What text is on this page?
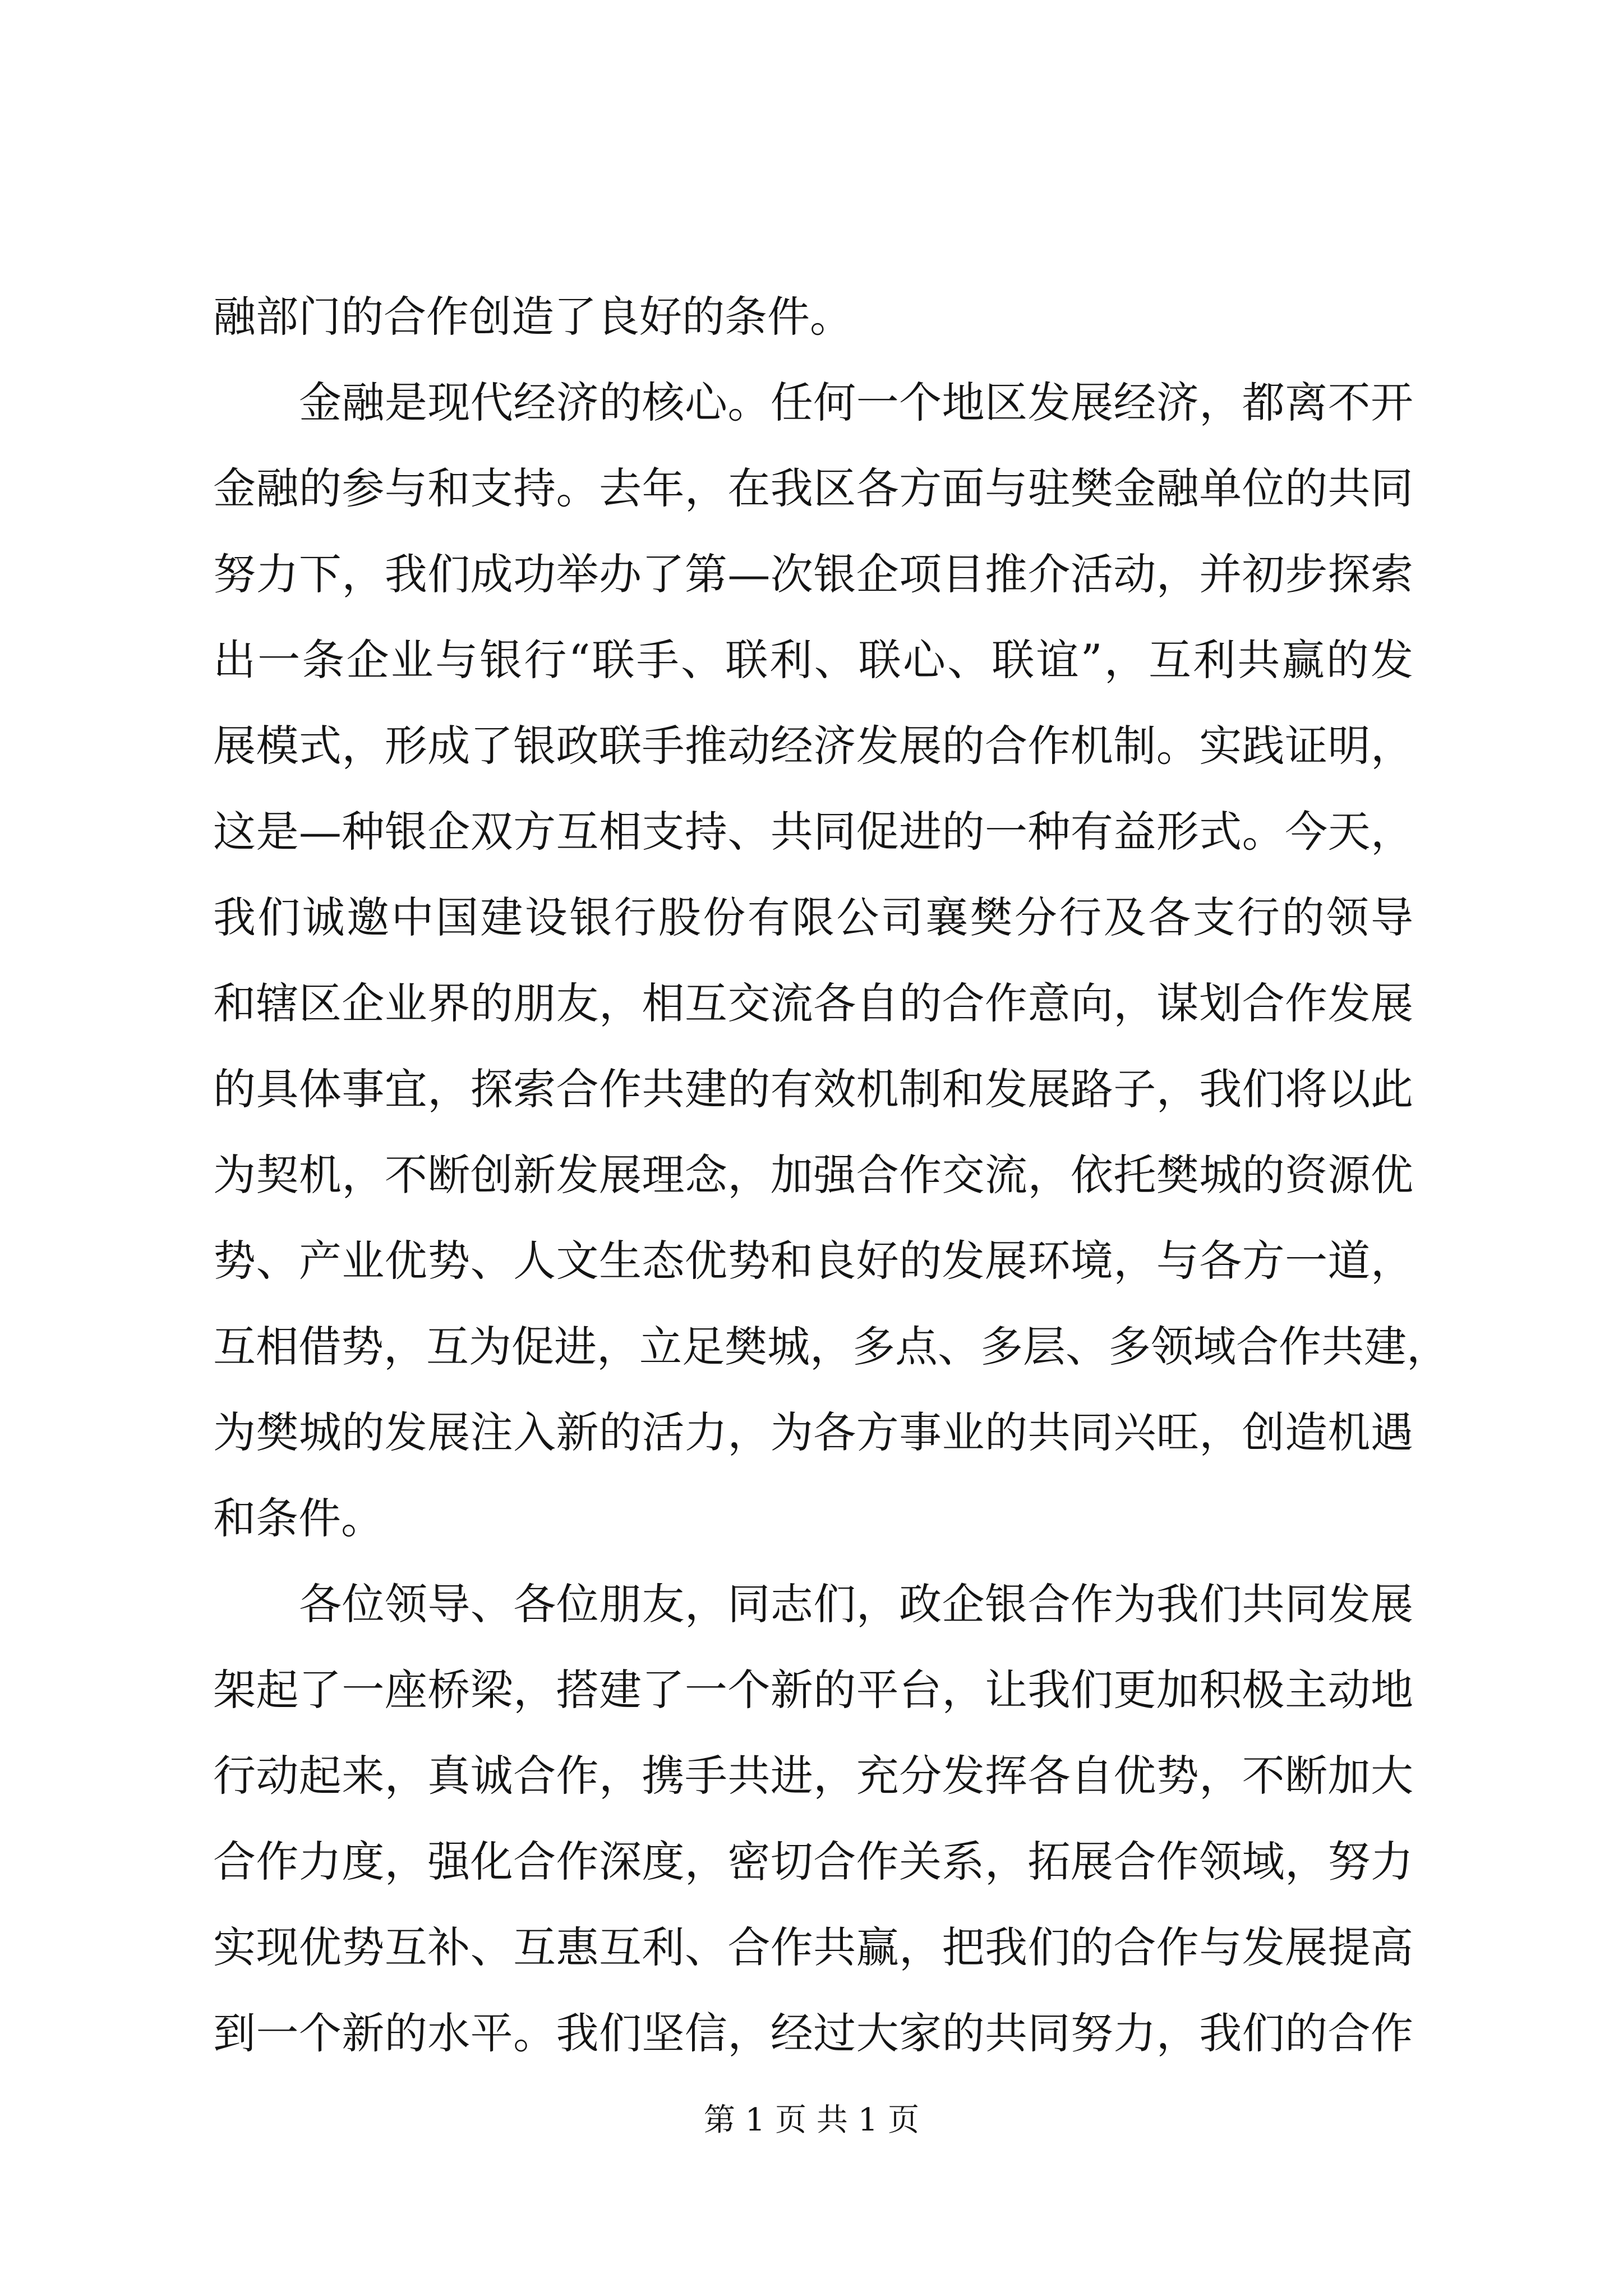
融部门的合作创造了良好的条件。
金融是现代经济的核心。任何一个地区发展经济，都离不开
金融的参与和支持。去年，在我区各方面与驻樊金融单位的共同
努力下，我们成功举办了第—次银企项目推介活动，并初步探索
出一条企业与银行“联手、联利、联心、联谊”，互利共赢的发
展模式，形成了银政联手推动经济发展的合作机制。实践证明，
这是—种银企双方互相支持、共同促进的一种有益形式。今天，
我们诚邀中国建设银行股份有限公司襄樊分行及各支行的领导
和辖区企业界的朋友，相互交流各自的合作意向，谋划合作发展
的具体事宜，探索合作共建的有效机制和发展路子，我们将以此
为契机，不断创新发展理念，加强合作交流，依托樊城的资源优
势、产业优势、人文生态优势和良好的发展环境，与各方一道，
互相借势，互为促进，立足樊城，多点、多层、多领域合作共建，
为樊城的发展注入新的活力，为各方事业的共同兴旺，创造机遇
和条件。
各位领导、各位朋友，同志们，政企银合作为我们共同发展
架起了一座桥梁，搭建了一个新的平台，让我们更加积极主动地
行动起来，真诚合作，携手共进，充分发挥各自优势，不断加大
合作力度，强化合作深度，密切合作关系，拓展合作领域，努力
实现优势互补、互惠互利、合作共赢，把我们的合作与发展提高
到一个新的水平。我们坚信，经过大家的共同努力，我们的合作
第 1 页 共 1 页
